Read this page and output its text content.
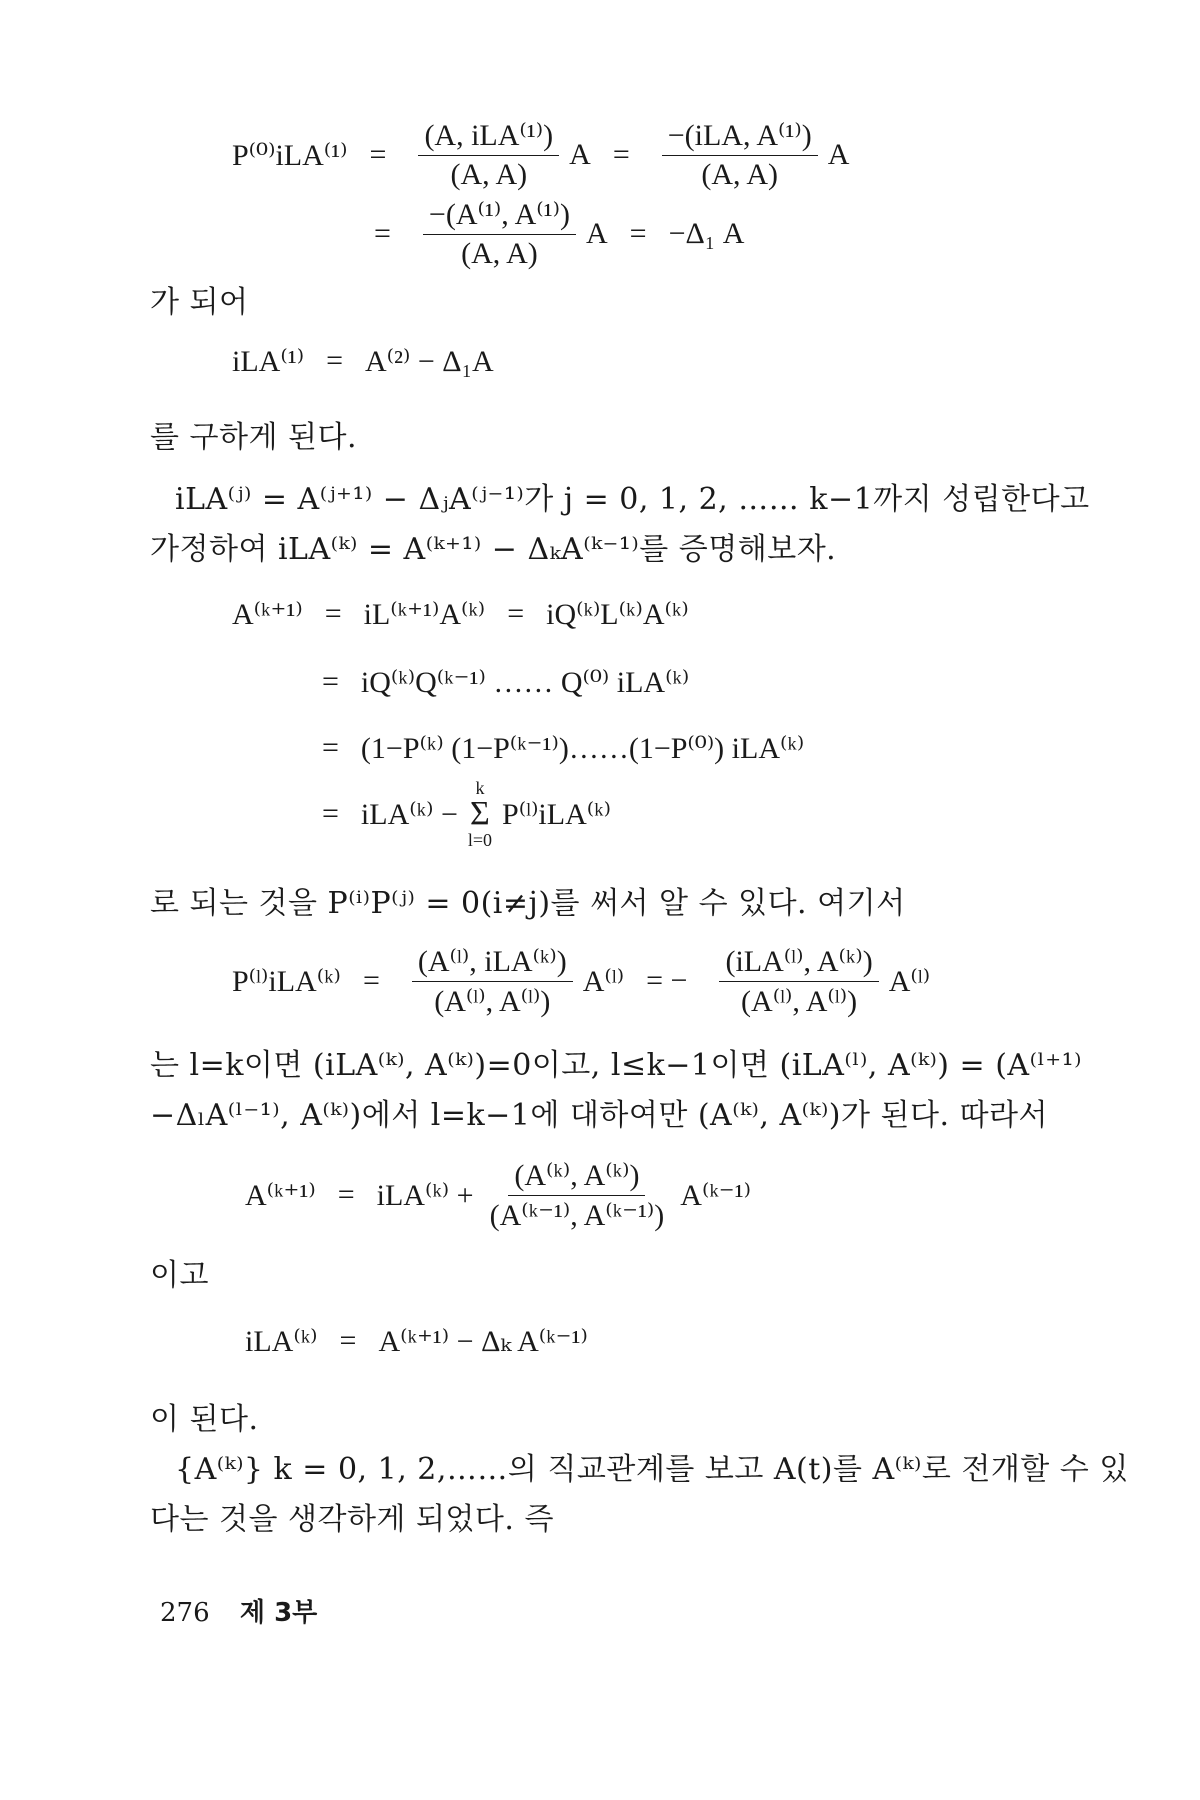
$P^{(0)}iLA^{(1)} = \frac{\text{(A, iLA⁽¹⁾)}}{(A, A)}$ $A = \frac{\text{−(iLA, A⁽¹⁾)}}{(A, A)}$ A
= $\frac{\text{−(A⁽¹⁾, A⁽¹⁾)}}{(A, A)}$ A = −Δ₁ A
가 되어
iLA⁽¹⁾ = A⁽²⁾ − Δ₁A
를 구하게 된다.
iLA⁽ʲ⁾ = A⁽ʲ⁺¹⁾ − ΔⱼA⁽ʲ⁻¹⁾가 j = 0, 1, 2, …… k−1까지 성립한다고
가정하여 iLA⁽ᵏ⁾ = A⁽ᵏ⁺¹⁾ − ΔₖA⁽ᵏ⁻¹⁾를 증명해보자.
A⁽ᵏ⁺¹⁾ = iL⁽ᵏ⁺¹⁾A⁽ᵏ⁾ = iQ⁽ᵏ⁾L⁽ᵏ⁾A⁽ᵏ⁾
= iQ⁽ᵏ⁾Q⁽ᵏ⁻¹⁾ …… Q⁽⁰⁾ iLA⁽ᵏ⁾
= (1−P⁽ᵏ⁾ (1−P⁽ᵏ⁻¹⁾)……(1−P⁽⁰⁾) iLA⁽ᵏ⁾
= iLA⁽ᵏ⁾ −
k
Σ
l=0
P⁽ˡ⁾iLA⁽ᵏ⁾
로 되는 것을 P⁽ⁱ⁾P⁽ʲ⁾ = 0(i≠j)를 써서 알 수 있다. 여기서
P⁽ˡ⁾iLA⁽ᵏ⁾ = $\frac{\text{(A⁽ˡ⁾, iLA⁽ᵏ⁾)}}{\text{(A⁽ˡ⁾, A⁽ˡ⁾)}}$ A⁽ˡ⁾ = − $\frac{\text{(iLA⁽ˡ⁾, A⁽ᵏ⁾)}}{\text{(A⁽ˡ⁾, A⁽ˡ⁾)}}$ A⁽ˡ⁾
는 l=k이면 (iLA⁽ᵏ⁾, A⁽ᵏ⁾)=0이고, l≤k−1이면 (iLA⁽ˡ⁾, A⁽ᵏ⁾) = (A⁽ˡ⁺¹⁾
−ΔₗA⁽ˡ⁻¹⁾, A⁽ᵏ⁾)에서 l=k−1에 대하여만 (A⁽ᵏ⁾, A⁽ᵏ⁾)가 된다. 따라서
A⁽ᵏ⁺¹⁾ = iLA⁽ᵏ⁾ + $\frac{\text{(A⁽ᵏ⁾, A⁽ᵏ⁾)}}{\text{(A⁽ᵏ⁻¹⁾, A⁽ᵏ⁻¹⁾)}}$ A⁽ᵏ⁻¹⁾
이고
iLA⁽ᵏ⁾ = A⁽ᵏ⁺¹⁾ − Δₖ A⁽ᵏ⁻¹⁾
이 된다.
{A⁽ᵏ⁾} k = 0, 1, 2,……의 직교관계를 보고 A(t)를 A⁽ᵏ⁾로 전개할 수 있
다는 것을 생각하게 되었다. 즉
276 제 3부
